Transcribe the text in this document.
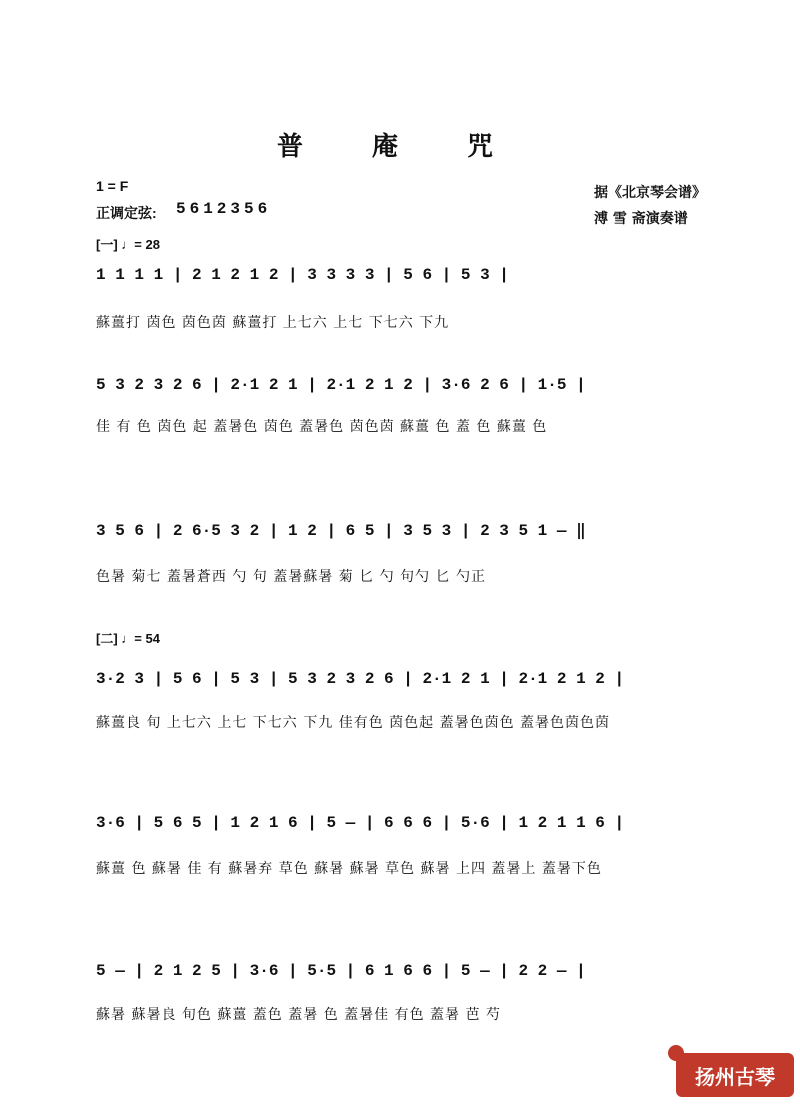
普 庵 咒
1 = F
正调定弦: 5612356
据《北京琴会谱》
溥 雪 斋演奏谱
[一] ♩= 28
1 1 1 1 | 2 1 2 1 2 | 3 3 3 3 | 5 6 | 5 3 |
蘇薑打 茵色 茵色茵 蘇薑打 上七六 上七 下七六 下九
5 3 2 3 2 6 | 2·1 2 1 | 2·1 2 1 2 | 3·6 2 6 | 1·5 |
佳 有 色 茵色 起 蓋暑色 茵色 蓋暑色 茵色茵 蘇薑 色 蓋 色 蘇薑 色
3 5 6 | 2 6·5 3 2 | 1 2 | 6 5 | 3 5 3 | 2 3 5 1 — ‖
色暑 菊七 蓋暑蒼西 勺 句 蓋暑蘇暑 菊 匕 勺 句勺 匕 勺正
[二] ♩= 54
3·2 3 | 5 6 | 5 3 | 5 3 2 3 2 6 | 2·1 2 1 | 2·1 2 1 2 |
蘇薑良 旬 上七六 上七 下七六 下九 佳有色 茵色起 蓋暑色茵色 蓋暑色茵色茵
3·6 | 5 6 5 | 1 2 1 6 | 5 — | 6 6 6 | 5·6 | 1 2 1 1 6 |
蘇薑 色 蘇暑 佳 有 蘇暑弃 草色 蘇暑 蘇暑 草色 蘇暑 上四 蓋暑上 蓋暑下色
5 — | 2 1 2 5 | 3·6 | 5·5 | 6 1 6 6 | 5 — | 2 2 — |
蘇暑 蘇暑良 旬色 蘇薑 蓋色 蓋暑 色 蓋暑佳 有色 蓋暑 芭 芍
扬州古琴
